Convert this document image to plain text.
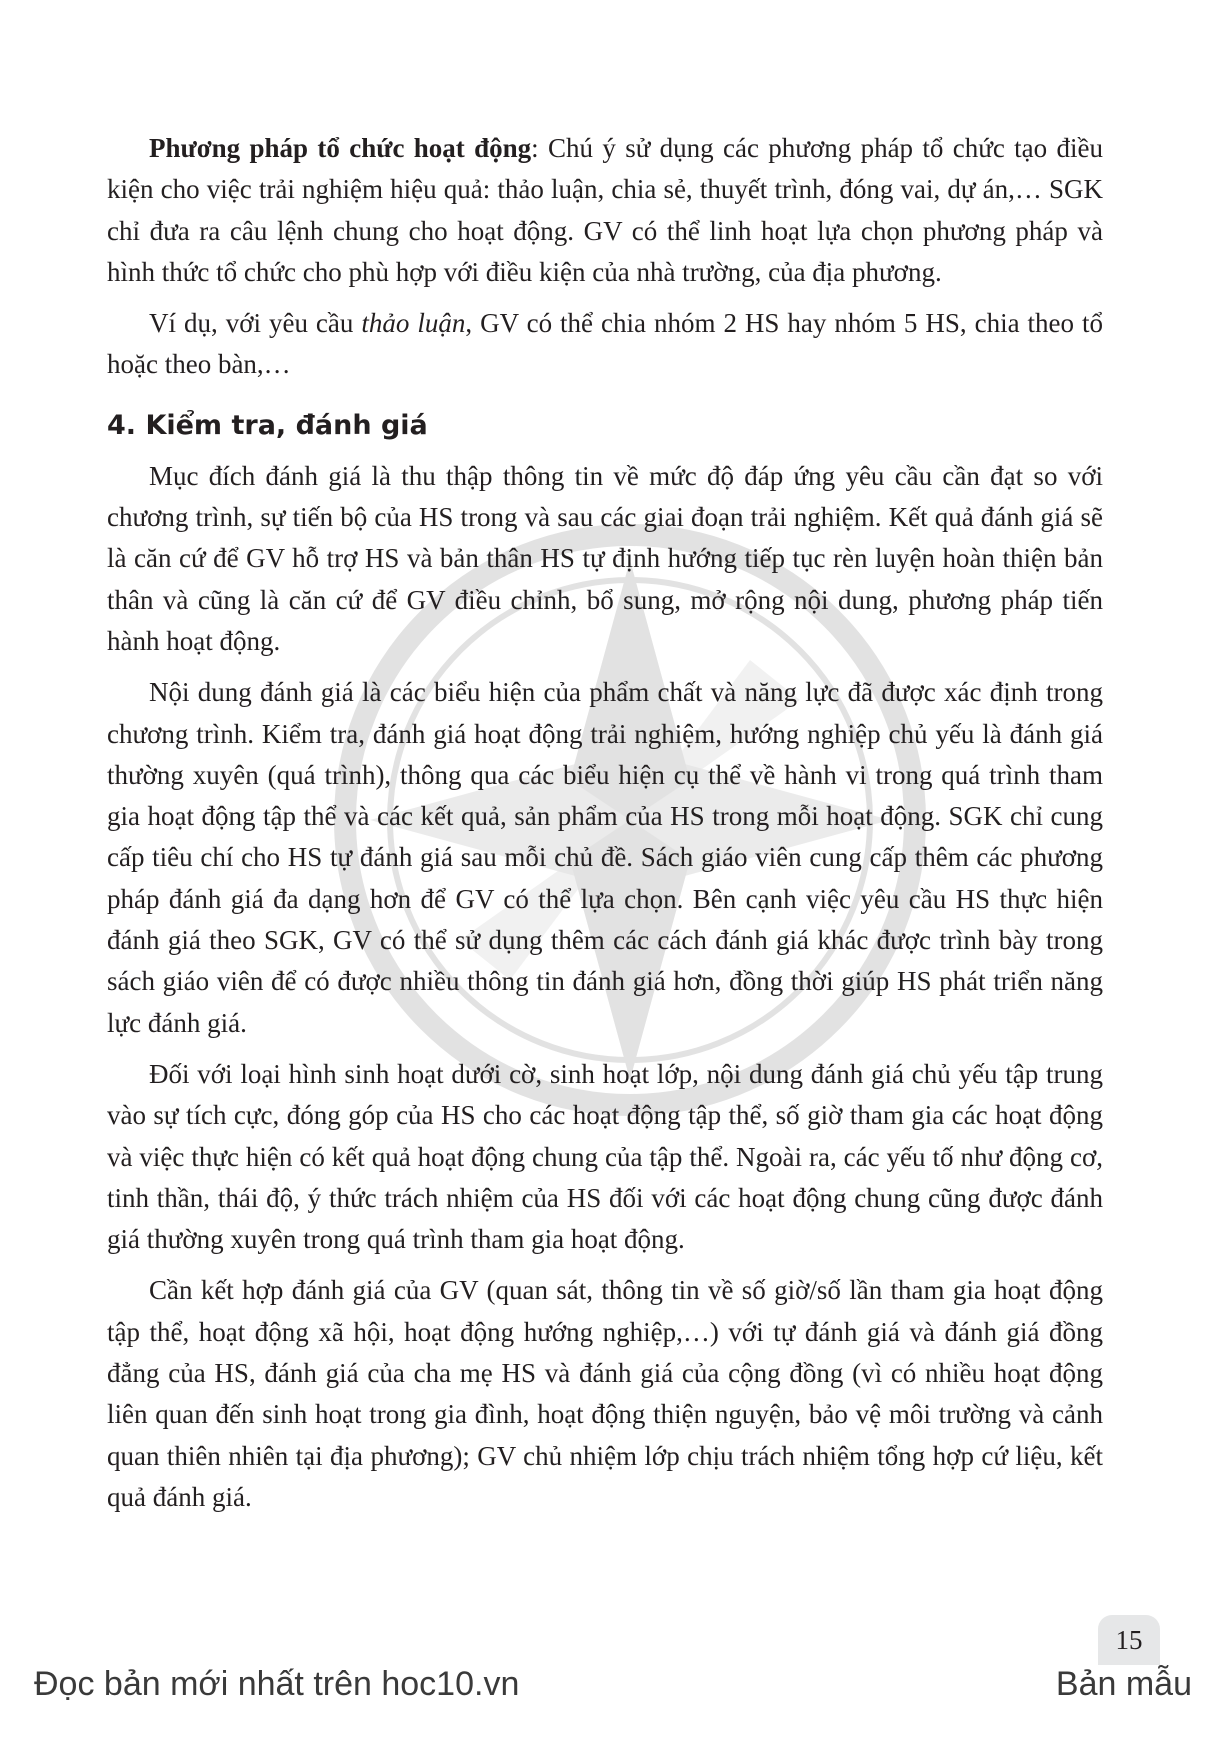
Phương pháp tổ chức hoạt động: Chú ý sử dụng các phương pháp tổ chức tạo điều kiện cho việc trải nghiệm hiệu quả: thảo luận, chia sẻ, thuyết trình, đóng vai, dự án,… SGK chỉ đưa ra câu lệnh chung cho hoạt động. GV có thể linh hoạt lựa chọn phương pháp và hình thức tổ chức cho phù hợp với điều kiện của nhà trường, của địa phương.

Ví dụ, với yêu cầu thảo luận, GV có thể chia nhóm 2 HS hay nhóm 5 HS, chia theo tổ hoặc theo bàn,…

4. Kiểm tra, đánh giá

Mục đích đánh giá là thu thập thông tin về mức độ đáp ứng yêu cầu cần đạt so với chương trình, sự tiến bộ của HS trong và sau các giai đoạn trải nghiệm. Kết quả đánh giá sẽ là căn cứ để GV hỗ trợ HS và bản thân HS tự định hướng tiếp tục rèn luyện hoàn thiện bản thân và cũng là căn cứ để GV điều chỉnh, bổ sung, mở rộng nội dung, phương pháp tiến hành hoạt động.

Nội dung đánh giá là các biểu hiện của phẩm chất và năng lực đã được xác định trong chương trình. Kiểm tra, đánh giá hoạt động trải nghiệm, hướng nghiệp chủ yếu là đánh giá thường xuyên (quá trình), thông qua các biểu hiện cụ thể về hành vi trong quá trình tham gia hoạt động tập thể và các kết quả, sản phẩm của HS trong mỗi hoạt động. SGK chỉ cung cấp tiêu chí cho HS tự đánh giá sau mỗi chủ đề. Sách giáo viên cung cấp thêm các phương pháp đánh giá đa dạng hơn để GV có thể lựa chọn. Bên cạnh việc yêu cầu HS thực hiện đánh giá theo SGK, GV có thể sử dụng thêm các cách đánh giá khác được trình bày trong sách giáo viên để có được nhiều thông tin đánh giá hơn, đồng thời giúp HS phát triển năng lực đánh giá.

Đối với loại hình sinh hoạt dưới cờ, sinh hoạt lớp, nội dung đánh giá chủ yếu tập trung vào sự tích cực, đóng góp của HS cho các hoạt động tập thể, số giờ tham gia các hoạt động và việc thực hiện có kết quả hoạt động chung của tập thể. Ngoài ra, các yếu tố như động cơ, tinh thần, thái độ, ý thức trách nhiệm của HS đối với các hoạt động chung cũng được đánh giá thường xuyên trong quá trình tham gia hoạt động.

Cần kết hợp đánh giá của GV (quan sát, thông tin về số giờ/số lần tham gia hoạt động tập thể, hoạt động xã hội, hoạt động hướng nghiệp,…) với tự đánh giá và đánh giá đồng đẳng của HS, đánh giá của cha mẹ HS và đánh giá của cộng đồng (vì có nhiều hoạt động liên quan đến sinh hoạt trong gia đình, hoạt động thiện nguyện, bảo vệ môi trường và cảnh quan thiên nhiên tại địa phương); GV chủ nhiệm lớp chịu trách nhiệm tổng hợp cứ liệu, kết quả đánh giá.

15
Đọc bản mới nhất trên hoc10.vn	Bản mẫu
